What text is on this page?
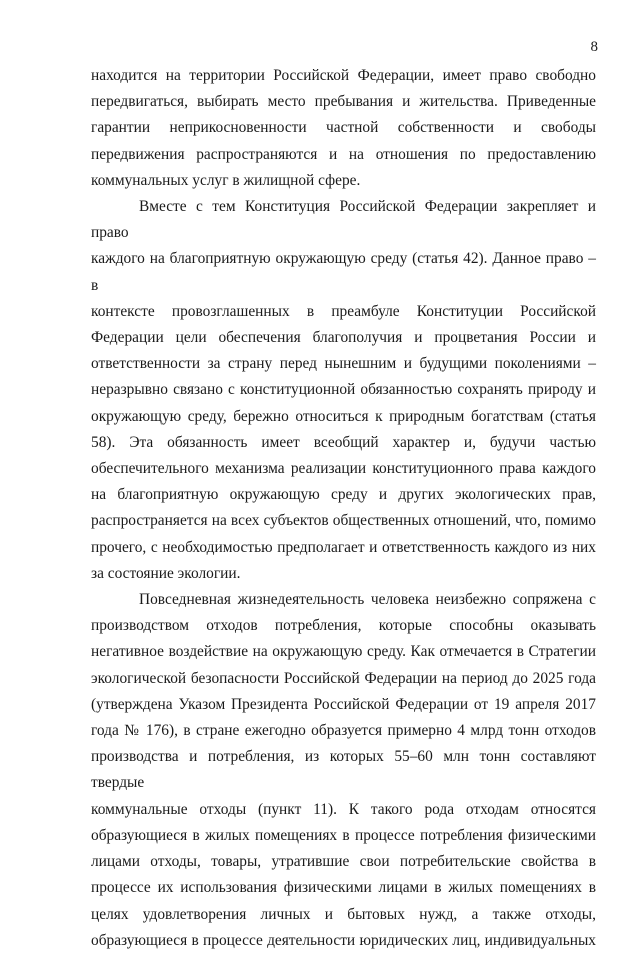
8

находится на территории Российской Федерации, имеет право свободно

передвигаться, выбирать место пребывания и жительства. Приведенные

гарантии неприкосновенности частной собственности и свободы

передвижения распространяются и на отношения по предоставлению

коммунальных услуг в жилищной сфере.

Вместе с тем Конституция Российской Федерации закрепляет и право

каждого на благоприятную окружающую среду (статья 42). Данное право – в

контексте провозглашенных в преамбуле Конституции Российской

Федерации цели обеспечения благополучия и процветания России и

ответственности за страну перед нынешним и будущими поколениями –

неразрывно связано с конституционной обязанностью сохранять природу и

окружающую среду, бережно относиться к природным богатствам (статья

58). Эта обязанность имеет всеобщий характер и, будучи частью

обеспечительного механизма реализации конституционного права каждого

на благоприятную окружающую среду и других экологических прав,

распространяется на всех субъектов общественных отношений, что, помимо

прочего, с необходимостью предполагает и ответственность каждого из них

за состояние экологии.

Повседневная жизнедеятельность человека неизбежно сопряжена с

производством отходов потребления, которые способны оказывать

негативное воздействие на окружающую среду. Как отмечается в Стратегии

экологической безопасности Российской Федерации на период до 2025 года

(утверждена Указом Президента Российской Федерации от 19 апреля 2017

года № 176), в стране ежегодно образуется примерно 4 млрд тонн отходов

производства и потребления, из которых 55–60 млн тонн составляют твердые

коммунальные отходы (пункт 11). К такого рода отходам относятся

образующиеся в жилых помещениях в процессе потребления физическими

лицами отходы, товары, утратившие свои потребительские свойства в

процессе их использования физическими лицами в жилых помещениях в

целях удовлетворения личных и бытовых нужд, а также отходы,

образующиеся в процессе деятельности юридических лиц, индивидуальных
